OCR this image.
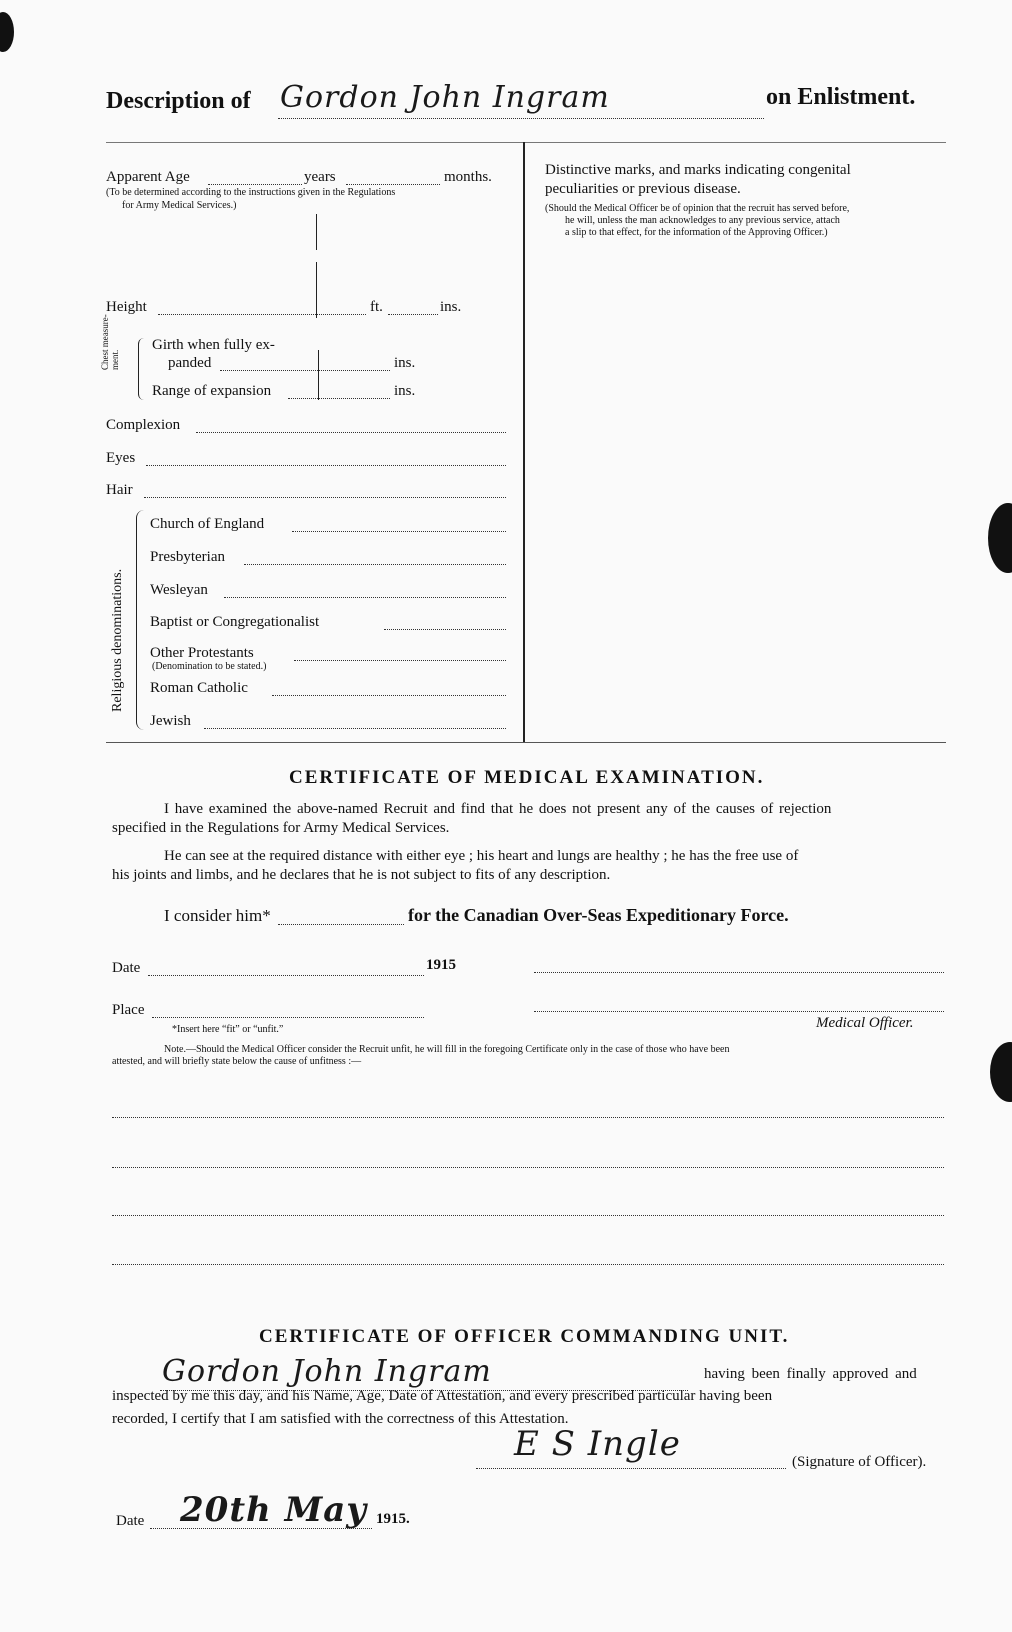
Description of Gordon John Ingram	on Enlistment.
Apparent Age	years	months.
(To be determined according to the instructions given in the Regulations
for Army Medical Services.)
Height	ft.	ins.
Chest measure-ment.
Girth when fully ex-
panded	ins.
Range of expansion	ins.
Complexion
Eyes
Hair
Religious denominations.
Church of England
Presbyterian
Wesleyan
Baptist or Congregationalist
Other Protestants
(Denomination to be stated.)
Roman Catholic
Jewish
Distinctive marks, and marks indicating congenital
peculiarities or previous disease.
(Should the Medical Officer be of opinion that the recruit has served before,
he will, unless the man acknowledges to any previous service, attach
a slip to that effect, for the information of the Approving Officer.)
CERTIFICATE OF MEDICAL EXAMINATION.
I have examined the above-named Recruit and find that he does not present any of the causes of rejection
specified in the Regulations for Army Medical Services.
He can see at the required distance with either eye ; his heart and lungs are healthy ; he has the free use of
his joints and limbs, and he declares that he is not subject to fits of any description.
I consider him*	for the Canadian Over-Seas Expeditionary Force.
Date	1915
Place
Medical Officer.
*Insert here “fit” or “unfit.”
Note.—Should the Medical Officer consider the Recruit unfit, he will fill in the foregoing Certificate only in the case of those who have been
attested, and will briefly state below the cause of unfitness :—
CERTIFICATE OF OFFICER COMMANDING UNIT.
Gordon John Ingram	having been finally approved and
inspected by me this day, and his Name, Age, Date of Attestation, and every prescribed particular having been
recorded, I certify that I am satisfied with the correctness of this Attestation.
E S Ingle	(Signature of Officer).
Date 20th May 1915.
